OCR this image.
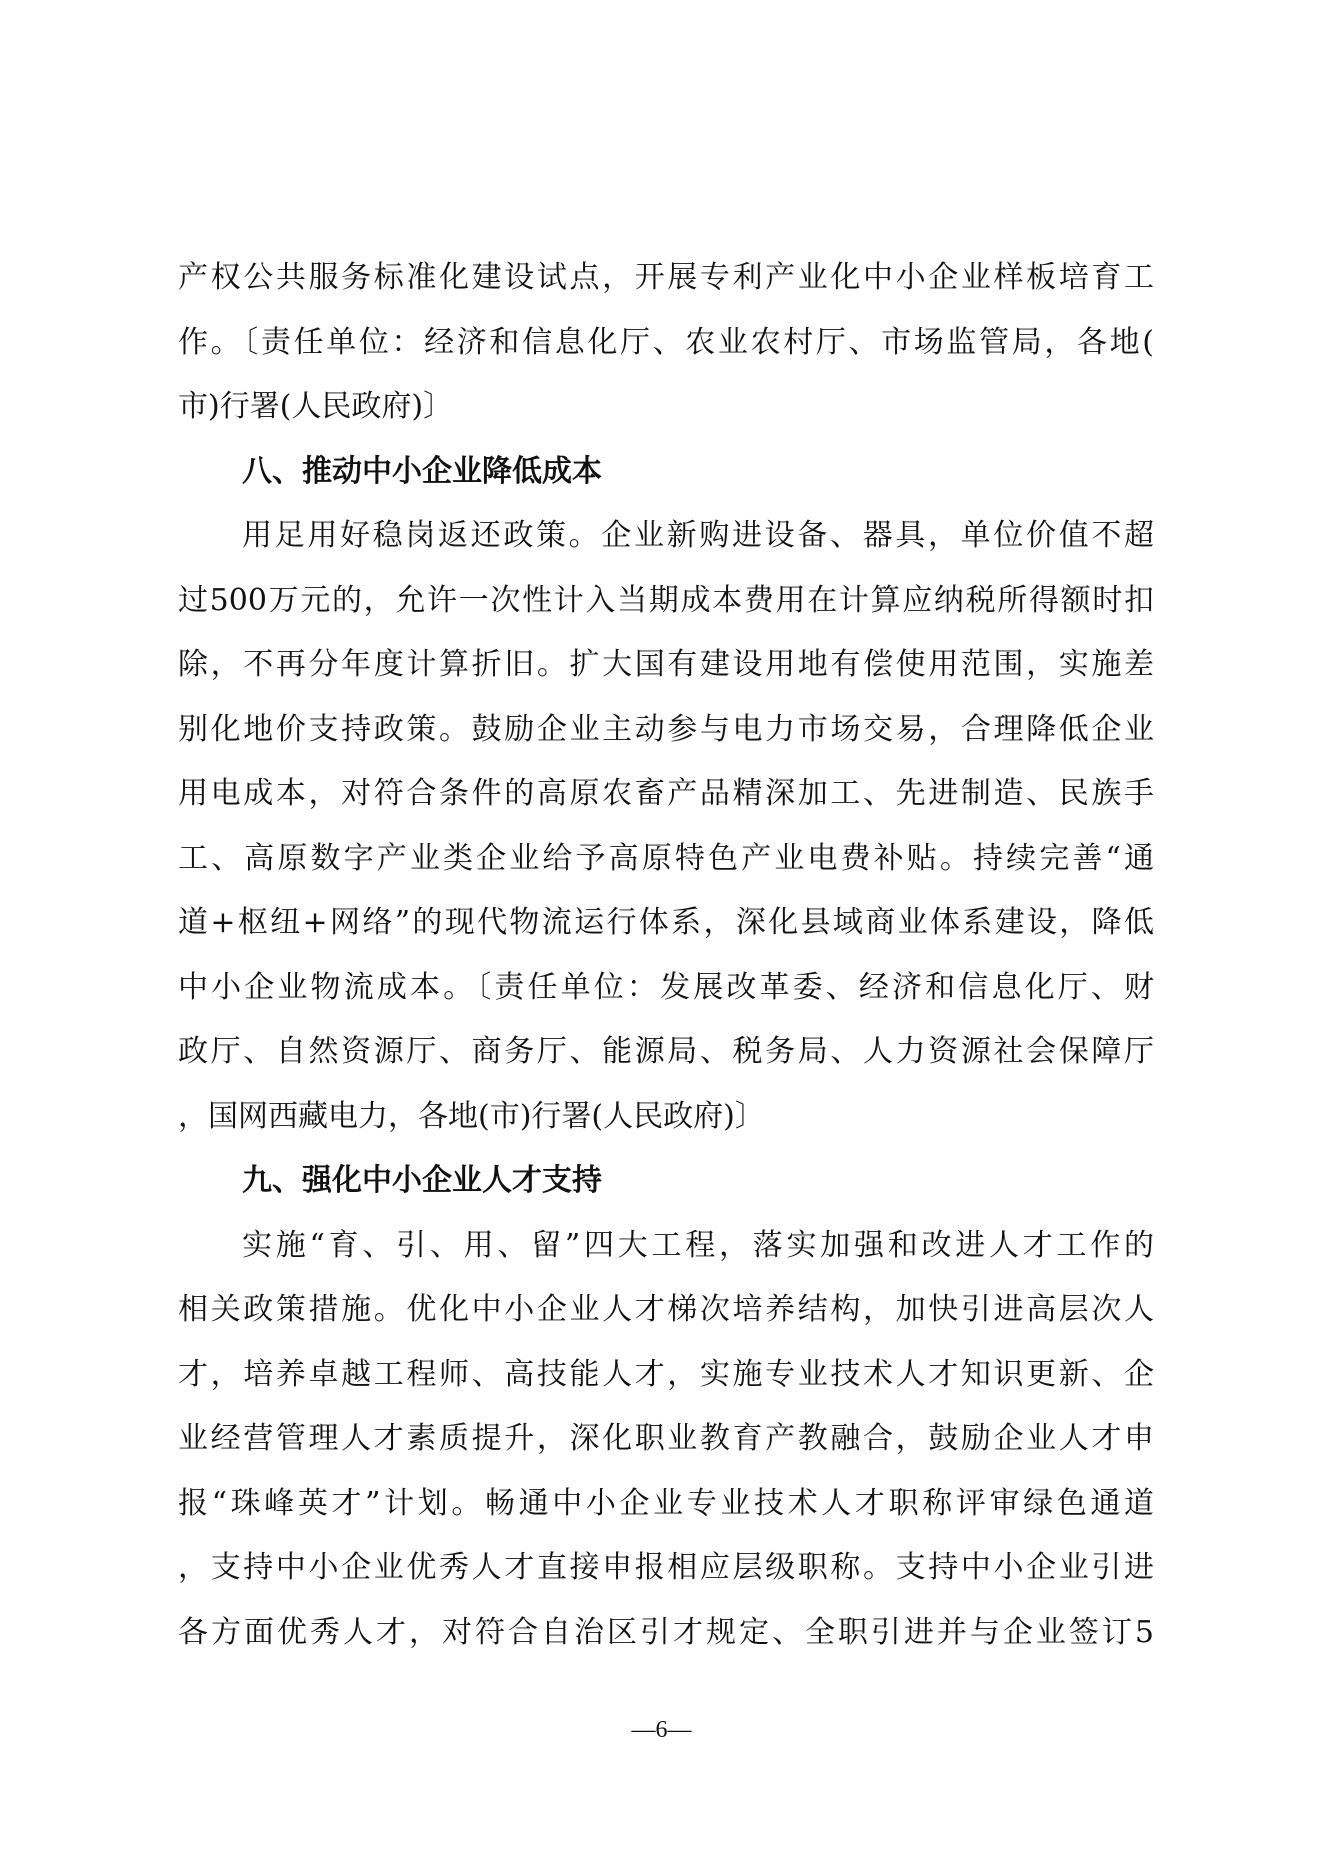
产权公共服务标准化建设试点，开展专利产业化中小企业样板培育工
作。〔责任单位：经济和信息化厅、农业农村厅、市场监管局，各地(
市)行署(人民政府)〕
八、推动中小企业降低成本
用足用好稳岗返还政策。企业新购进设备、器具，单位价值不超
过500万元的，允许一次性计入当期成本费用在计算应纳税所得额时扣
除，不再分年度计算折旧。扩大国有建设用地有偿使用范围，实施差
别化地价支持政策。鼓励企业主动参与电力市场交易，合理降低企业
用电成本，对符合条件的高原农畜产品精深加工、先进制造、民族手
工、高原数字产业类企业给予高原特色产业电费补贴。持续完善“通
道+枢纽+网络”的现代物流运行体系，深化县域商业体系建设，降低
中小企业物流成本。〔责任单位：发展改革委、经济和信息化厅、财
政厅、自然资源厅、商务厅、能源局、税务局、人力资源社会保障厅
，国网西藏电力，各地(市)行署(人民政府)〕
九、强化中小企业人才支持
实施“育、引、用、留”四大工程，落实加强和改进人才工作的
相关政策措施。优化中小企业人才梯次培养结构，加快引进高层次人
才，培养卓越工程师、高技能人才，实施专业技术人才知识更新、企
业经营管理人才素质提升，深化职业教育产教融合，鼓励企业人才申
报“珠峰英才”计划。畅通中小企业专业技术人才职称评审绿色通道
，支持中小企业优秀人才直接申报相应层级职称。支持中小企业引进
各方面优秀人才，对符合自治区引才规定、全职引进并与企业签订5
—6—
